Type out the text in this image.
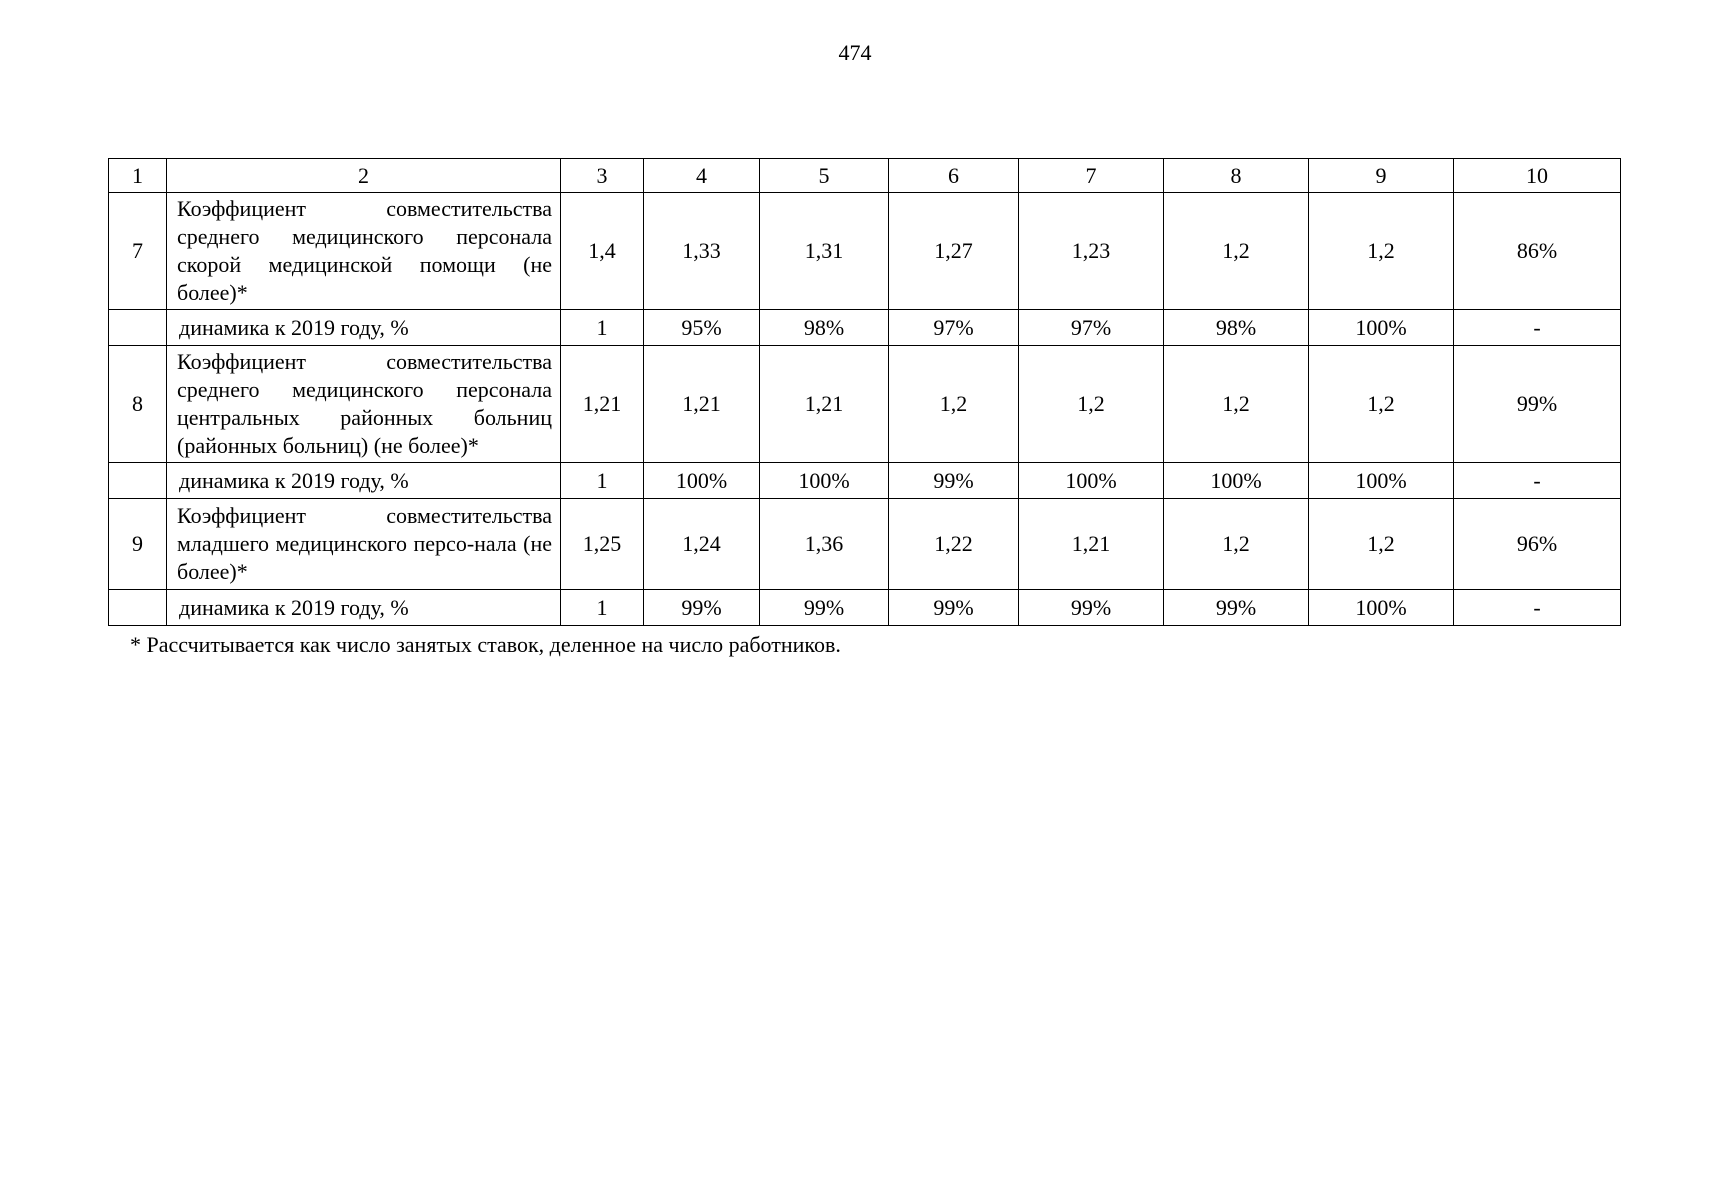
474
1	2	3	4	5	6	7	8	9	10
7	Коэффициент совместительства среднего медицинского персонала скорой медицинской помощи (не более)*	1,4	1,33	1,31	1,27	1,23	1,2	1,2	86%
	динамика к 2019 году, %	1	95%	98%	97%	97%	98%	100%	-
8	Коэффициент совместительства среднего медицинского персонала центральных районных больниц (районных больниц) (не более)*	1,21	1,21	1,21	1,2	1,2	1,2	1,2	99%
	динамика к 2019 году, %	1	100%	100%	99%	100%	100%	100%	-
9	Коэффициент совместительства младшего медицинского персо-нала (не более)*	1,25	1,24	1,36	1,22	1,21	1,2	1,2	96%
	динамика к 2019 году, %	1	99%	99%	99%	99%	99%	100%	-
* Рассчитывается как число занятых ставок, деленное на число работников.
